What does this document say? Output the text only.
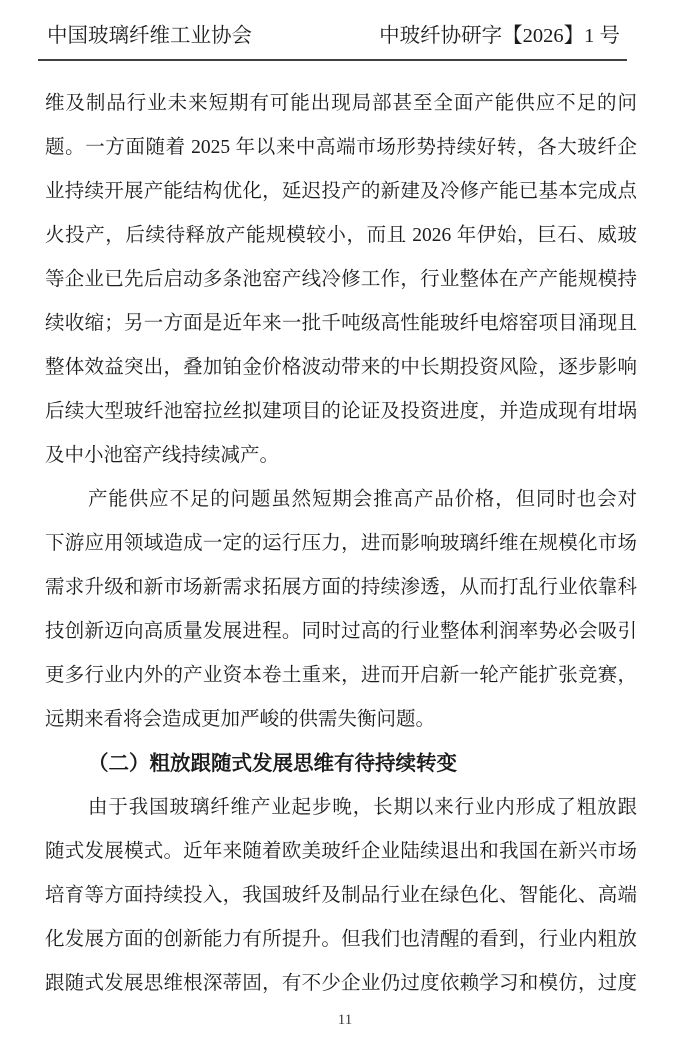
中国玻璃纤维工业协会	中玻纤协研字【2026】1 号
维及制品行业未来短期有可能出现局部甚至全面产能供应不足的问
题。一方面随着 2025 年以来中高端市场形势持续好转，各大玻纤企
业持续开展产能结构优化，延迟投产的新建及冷修产能已基本完成点
火投产，后续待释放产能规模较小，而且 2026 年伊始，巨石、威玻
等企业已先后启动多条池窑产线冷修工作，行业整体在产产能规模持
续收缩；另一方面是近年来一批千吨级高性能玻纤电熔窑项目涌现且
整体效益突出，叠加铂金价格波动带来的中长期投资风险，逐步影响
后续大型玻纤池窑拉丝拟建项目的论证及投资进度，并造成现有坩埚
及中小池窑产线持续减产。
产能供应不足的问题虽然短期会推高产品价格，但同时也会对
下游应用领域造成一定的运行压力，进而影响玻璃纤维在规模化市场
需求升级和新市场新需求拓展方面的持续渗透，从而打乱行业依靠科
技创新迈向高质量发展进程。同时过高的行业整体利润率势必会吸引
更多行业内外的产业资本卷土重来，进而开启新一轮产能扩张竞赛，
远期来看将会造成更加严峻的供需失衡问题。
（二）粗放跟随式发展思维有待持续转变
由于我国玻璃纤维产业起步晚，长期以来行业内形成了粗放跟
随式发展模式。近年来随着欧美玻纤企业陆续退出和我国在新兴市场
培育等方面持续投入，我国玻纤及制品行业在绿色化、智能化、高端
化发展方面的创新能力有所提升。但我们也清醒的看到，行业内粗放
跟随式发展思维根深蒂固，有不少企业仍过度依赖学习和模仿，过度
11
